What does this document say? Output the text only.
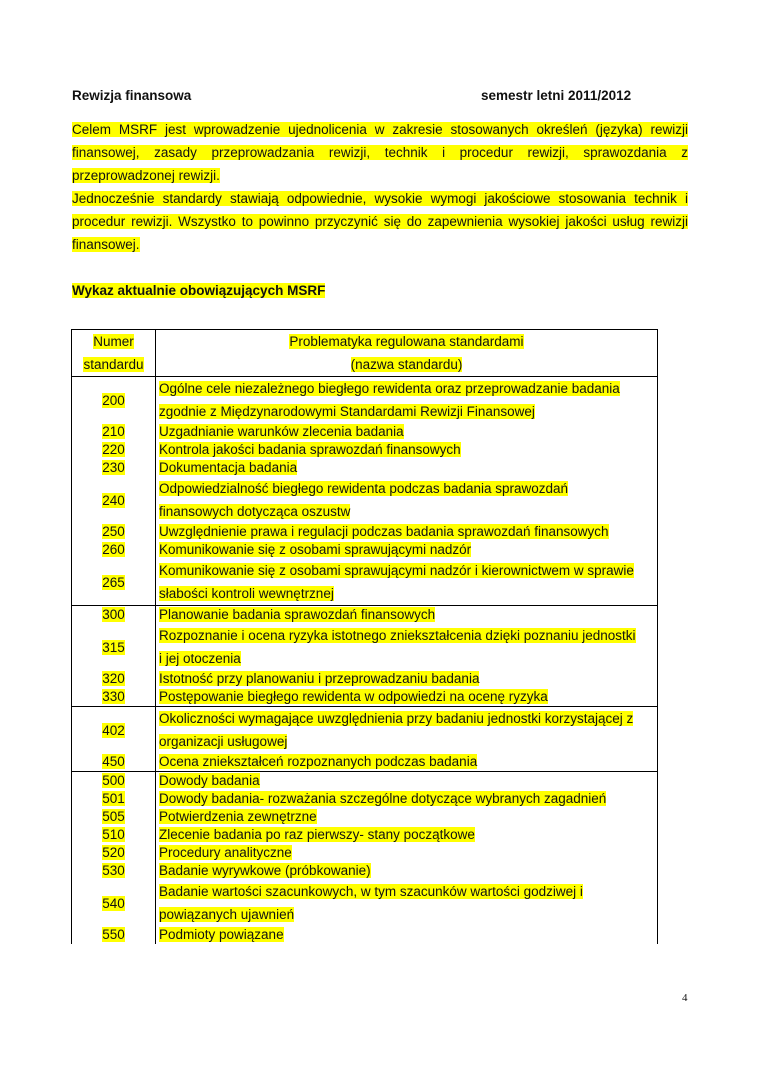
Rewizja finansowa	semestr letni 2011/2012

Celem MSRF jest wprowadzenie ujednolicenia w zakresie stosowanych określeń (języka) rewizji finansowej, zasady przeprowadzania rewizji, technik i procedur rewizji, sprawozdania z przeprowadzonej rewizji.

Jednocześnie standardy stawiają odpowiednie, wysokie wymogi jakościowe stosowania technik i procedur rewizji. Wszystko to powinno przyczynić się do zapewnienia wysokiej jakości usług rewizji finansowej.

Wykaz aktualnie obowiązujących MSRF
Numer
standardu	Problematyka regulowana standardami
(nazwa standardu)
200	Ogólne cele niezależnego biegłego rewidenta oraz przeprowadzanie badania
zgodnie z Międzynarodowymi Standardami Rewizji Finansowej
210	Uzgadnianie warunków zlecenia badania
220	Kontrola jakości badania sprawozdań finansowych
230	Dokumentacja badania
240	Odpowiedzialność biegłego rewidenta podczas badania sprawozdań
finansowych dotycząca oszustw
250	Uwzględnienie prawa i regulacji podczas badania sprawozdań finansowych
260	Komunikowanie się z osobami sprawującymi nadzór
265	Komunikowanie się z osobami sprawującymi nadzór i kierownictwem w sprawie
słabości kontroli wewnętrznej
300	Planowanie badania sprawozdań finansowych
315	Rozpoznanie i ocena ryzyka istotnego zniekształcenia dzięki poznaniu jednostki
i jej otoczenia
320	Istotność przy planowaniu i przeprowadzaniu badania
330	Postępowanie biegłego rewidenta w odpowiedzi na ocenę ryzyka
402	Okoliczności wymagające uwzględnienia przy badaniu jednostki korzystającej z
organizacji usługowej
450	Ocena zniekształceń rozpoznanych podczas badania
500	Dowody badania
501	Dowody badania- rozważania szczególne dotyczące wybranych zagadnień
505	Potwierdzenia zewnętrzne
510	Zlecenie badania po raz pierwszy- stany początkowe
520	Procedury analityczne
530	Badanie wyrywkowe (próbkowanie)
540	Badanie wartości szacunkowych, w tym szacunków wartości godziwej i
powiązanych ujawnień
550	Podmioty powiązane
4
